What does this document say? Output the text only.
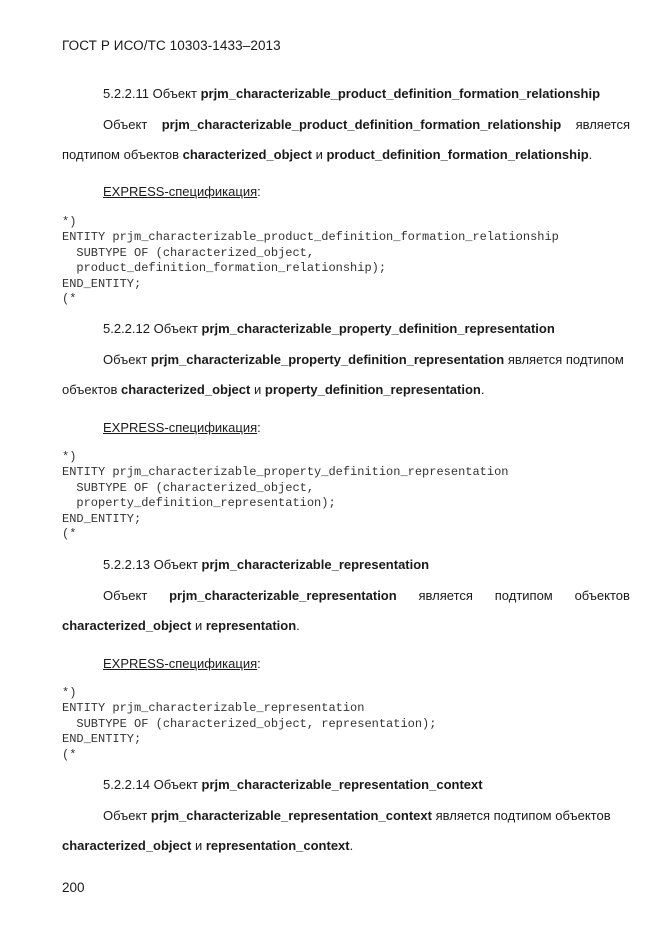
ГОСТ Р ИСО/ТС 10303-1433–2013
5.2.2.11 Объект prjm_characterizable_product_definition_formation_relationship
Объект prjm_characterizable_product_definition_formation_relationship является
подтипом объектов characterized_object и product_definition_formation_relationship.
EXPRESS-спецификация:
*)
ENTITY prjm_characterizable_product_definition_formation_relationship
SUBTYPE OF (characterized_object,
product_definition_formation_relationship);
END_ENTITY;
(*
5.2.2.12 Объект prjm_characterizable_property_definition_representation
Объект prjm_characterizable_property_definition_representation является подтипом
объектов characterized_object и property_definition_representation.
EXPRESS-спецификация:
*)
ENTITY prjm_characterizable_property_definition_representation
SUBTYPE OF (characterized_object,
property_definition_representation);
END_ENTITY;
(*
5.2.2.13 Объект prjm_characterizable_representation
Объект prjm_characterizable_representation является подтипом объектов
characterized_object и representation.
EXPRESS-спецификация:
*)
ENTITY prjm_characterizable_representation
SUBTYPE OF (characterized_object, representation);
END_ENTITY;
(*
5.2.2.14 Объект prjm_characterizable_representation_context
Объект prjm_characterizable_representation_context является подтипом объектов
characterized_object и representation_context.
200
